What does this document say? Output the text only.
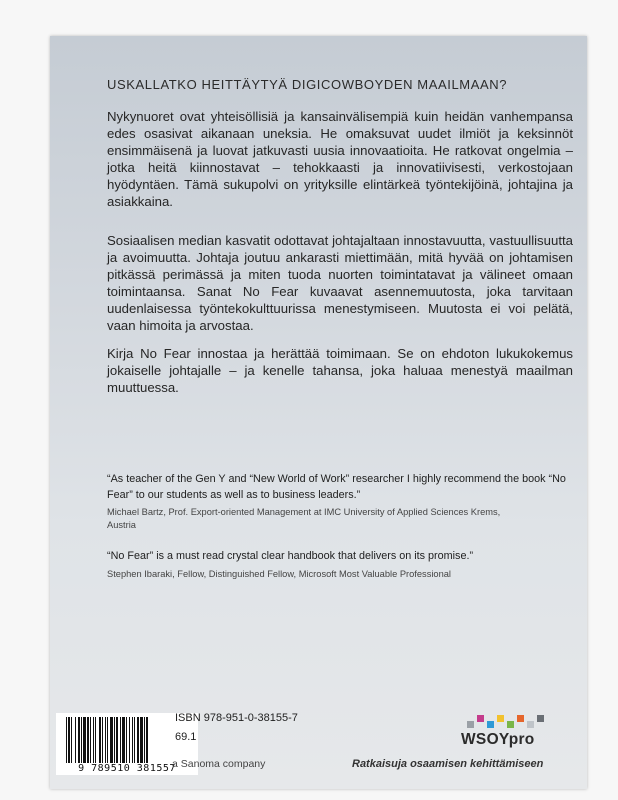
USKALLATKO HEITTÄYTYÄ DIGICOWBOYDEN MAAILMAAN?

Nykynuoret ovat yhteisöllisiä ja kansainvälisempiä kuin heidän vanhempansa edes osasivat aikanaan uneksia. He omaksuvat uudet ilmiöt ja keksinnöt ensimmäisenä ja luovat jatkuvasti uusia innovaatioita. He ratkovat ongelmia – jotka heitä kiinnostavat – tehokkaasti ja innovatiivisesti, verkostojaan hyödyntäen. Tämä sukupolvi on yrityksille elintärkeä työntekijöinä, johtajina ja asiakkaina.

Sosiaalisen median kasvatit odottavat johtajaltaan innostavuutta, vastuullisuutta ja avoimuutta. Johtaja joutuu ankarasti miettimään, mitä hyvää on johtamisen pitkässä perimässä ja miten tuoda nuorten toimintatavat ja välineet omaan toimintaansa. Sanat No Fear kuvaavat asennemuutosta, joka tarvitaan uudenlaisessa työntekokulttuurissa menestymiseen. Muutosta ei voi pelätä, vaan himoita ja arvostaa.

Kirja No Fear innostaa ja herättää toimimaan. Se on ehdoton lukukokemus jokaiselle johtajalle – ja kenelle tahansa, joka haluaa menestyä maailman muuttuessa.

“As teacher of the Gen Y and “New World of Work” researcher I highly recommend the book “No Fear” to our students as well as to business leaders.”

Michael Bartz, Prof. Export-oriented Management at IMC University of Applied Sciences Krems, Austria

“No Fear” is a must read crystal clear handbook that delivers on its promise.”

Stephen Ibaraki, Fellow, Distinguished Fellow, Microsoft Most Valuable Professional

9 789510 381557

ISBN 978-951-0-38155-7

69.1

a Sanoma company

WSOYpro

Ratkaisuja osaamisen kehittämiseen
